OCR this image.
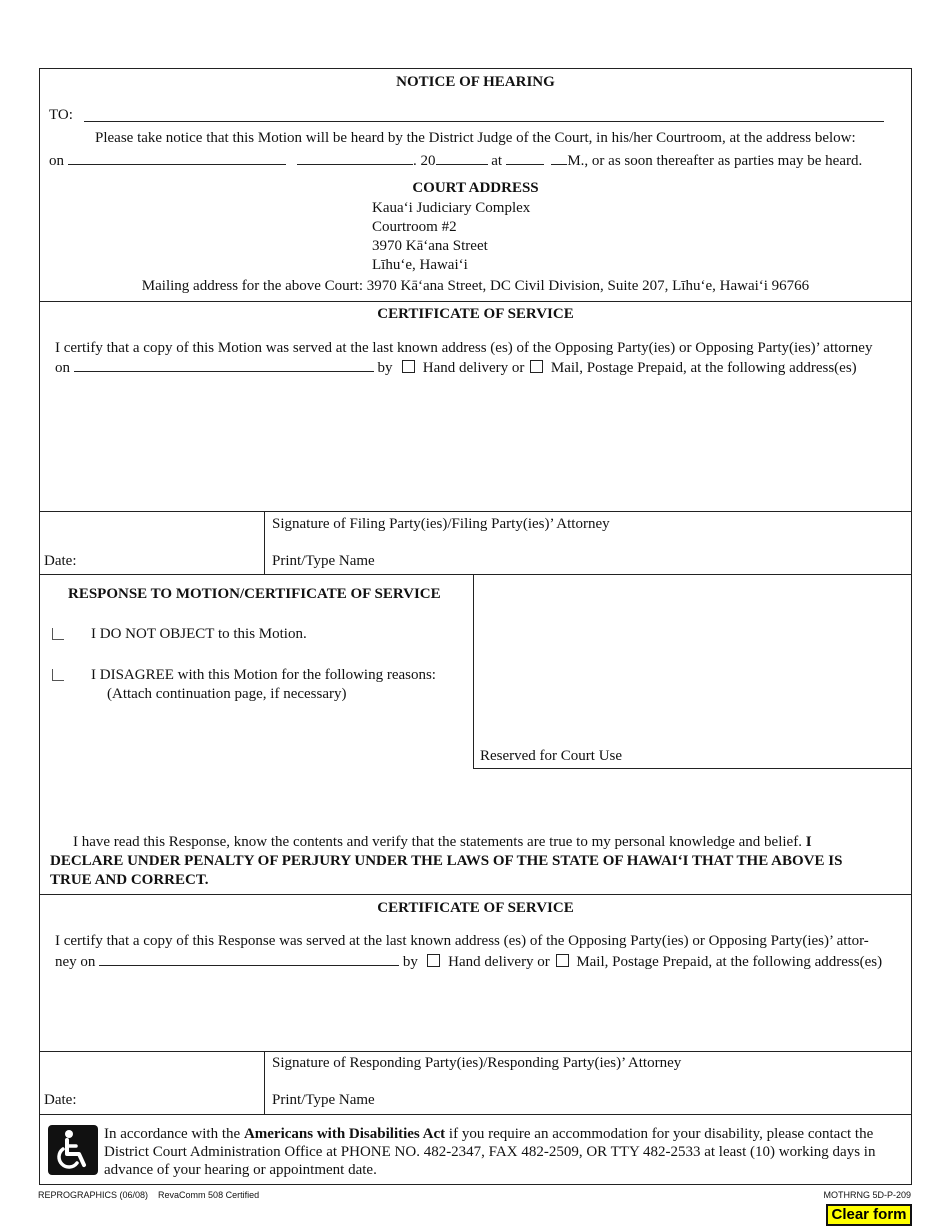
NOTICE OF HEARING
TO:
Please take notice that this Motion will be heard by the District Judge of the Court, in his/her Courtroom, at the address below:
on	. 20	at	M., or as soon thereafter as parties may be heard.
COURT ADDRESS
Kaua‘i Judiciary Complex
Courtroom #2
3970 Kā‘ana Street
Līhu‘e, Hawai‘i
Mailing address for the above Court: 3970 Kā‘ana Street, DC Civil Division, Suite 207, Līhu‘e, Hawai‘i 96766
CERTIFICATE OF SERVICE
I certify that a copy of this Motion was served at the last known address (es) of the Opposing Party(ies) or Opposing Party(ies)’ attorney
on	by Hand delivery or Mail, Postage Prepaid, at the following address(es)
Signature of Filing Party(ies)/Filing Party(ies)’ Attorney
Date:	Print/Type Name
RESPONSE TO MOTION/CERTIFICATE OF SERVICE
I DO NOT OBJECT to this Motion.
I DISAGREE with this Motion for the following reasons:
(Attach continuation page, if necessary)
Reserved for Court Use
I have read this Response, know the contents and verify that the statements are true to my personal knowledge and belief. I
DECLARE UNDER PENALTY OF PERJURY UNDER THE LAWS OF THE STATE OF HAWAI‘I THAT THE ABOVE IS
TRUE AND CORRECT.
CERTIFICATE OF SERVICE
I certify that a copy of this Response was served at the last known address (es) of the Opposing Party(ies) or Opposing Party(ies)’ attor-
ney on	by Hand delivery or Mail, Postage Prepaid, at the following address(es)
Signature of Responding Party(ies)/Responding Party(ies)’ Attorney
Date:	Print/Type Name
In accordance with the Americans with Disabilities Act if you require an accommodation for your disability, please contact the
District Court Administration Office at PHONE NO. 482-2347, FAX 482-2509, OR TTY 482-2533 at least (10) working days in
advance of your hearing or appointment date.
REPROGRAPHICS (06/08) RevaComm 508 Certified	MOTHRNG 5D-P-209
Clear form
